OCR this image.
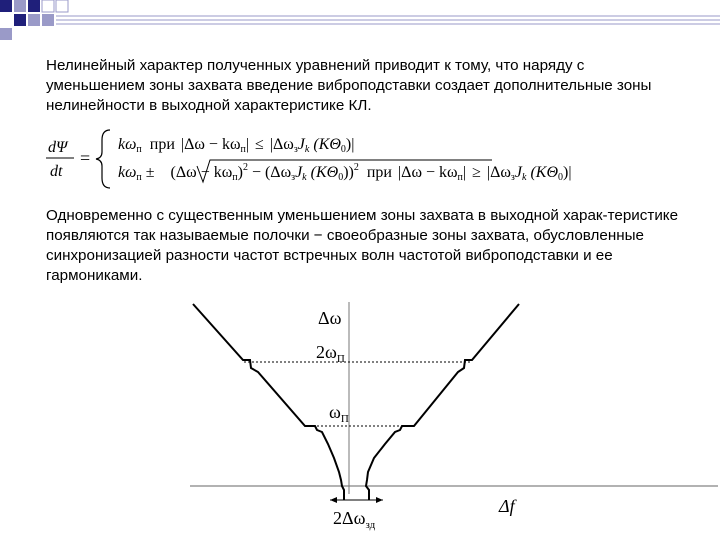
Нелинейный характер полученных уравнений приводит к тому, что наряду с уменьшением зоны захвата введение виброподставки создает дополнительные зоны нелинейности в выходной характеристике КЛ.

dΨ
dt
=
kωп при |Δω − kωп| ≤ |ΔωзJk (KΘ0)|
$k\omega п \pm (\Delta\omega - k\omega п)^2 - (\Delta\omega зJk$ (KΘ0))$^2$ при |Δω − kωп| ≥ |ΔωзJk (KΘ0)|

Одновременно с существенным уменьшением зоны захвата в выходной харак-теристике появляются так называемые полочки − своеобразные зоны захвата, обусловленные синхронизацией разности частот встречных волн частотой виброподставки и ее гармониками.

Δω
Δf
$2\omega_П$
$\omega_П$
$2\Delta\omega_{зд}$
